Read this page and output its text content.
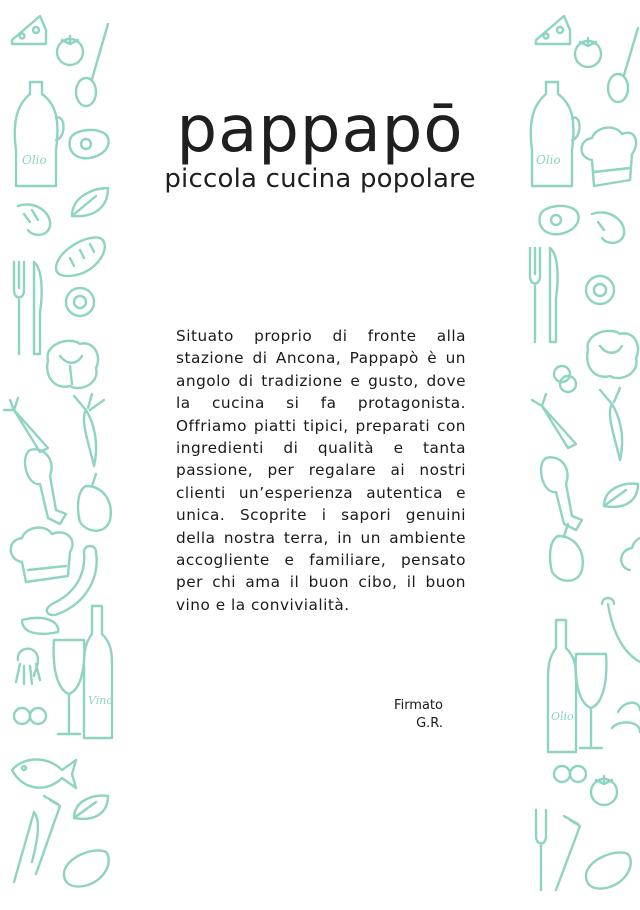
Olio
Vino
Olio
Olio
pappapō
piccola cucina popolare
Situato proprio di fronte alla stazione di Ancona, Pappapò è un angolo di tradizione e gusto, dove la cucina si fa protagonista. Offriamo piatti tipici, preparati con ingredienti di qualità e tanta passione, per regalare ai nostri clienti un’esperienza autentica e unica. Scoprite i sapori genuini della nostra terra, in un ambiente accogliente e familiare, pensato per chi ama il buon cibo, il buon vino e la convivialità.
Firmato
G.R.
